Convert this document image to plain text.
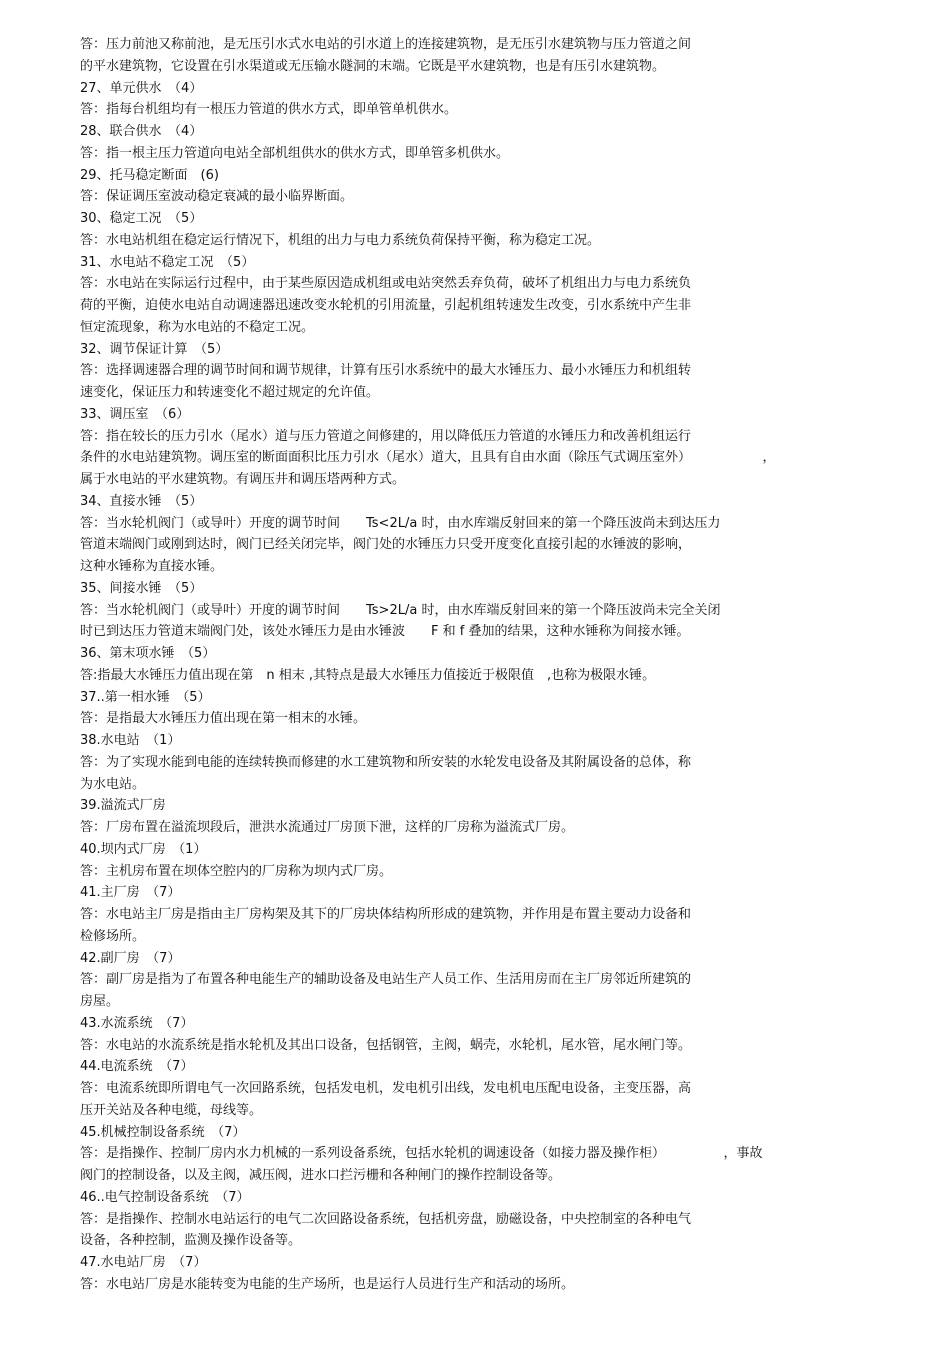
答：压力前池又称前池，是无压引水式水电站的引水道上的连接建筑物，是无压引水建筑物与压力管道之间
的平水建筑物，它设置在引水渠道或无压输水隧洞的末端。它既是平水建筑物，也是有压引水建筑物。
27、单元供水　（4）
答：指每台机组均有一根压力管道的供水方式，即单管单机供水。
28、联合供水　（4）
答：指一根主压力管道向电站全部机组供水的供水方式，即单管多机供水。
29、托马稳定断面　(6)
答：保证调压室波动稳定衰减的最小临界断面。
30、稳定工况　（5）
答：水电站机组在稳定运行情况下，机组的出力与电力系统负荷保持平衡，称为稳定工况。
31、水电站不稳定工况　（5）
答：水电站在实际运行过程中，由于某些原因造成机组或电站突然丢弃负荷，破坏了机组出力与电力系统负
荷的平衡，迫使水电站自动调速器迅速改变水轮机的引用流量，引起机组转速发生改变，引水系统中产生非
恒定流现象，称为水电站的不稳定工况。
32、调节保证计算　（5）
答：选择调速器合理的调节时间和调节规律，计算有压引水系统中的最大水锤压力、最小水锤压力和机组转
速变化，保证压力和转速变化不超过规定的允许值。
33、调压室　（6）
答：指在较长的压力引水（尾水）道与压力管道之间修建的，用以降低压力管道的水锤压力和改善机组运行
条件的水电站建筑物。调压室的断面面积比压力引水（尾水）道大，且具有自由水面（除压气式调压室外）　　　　　　，
属于水电站的平水建筑物。有调压井和调压塔两种方式。
34、直接水锤　（5）
答：当水轮机阀门（或导叶）开度的调节时间　　Ts<2L/a 时，由水库端反射回来的第一个降压波尚未到达压力
管道末端阀门或刚到达时，阀门已经关闭完毕，阀门处的水锤压力只受开度变化直接引起的水锤波的影响，
这种水锤称为直接水锤。
35、间接水锤　（5）
答：当水轮机阀门（或导叶）开度的调节时间　　Ts>2L/a 时，由水库端反射回来的第一个降压波尚未完全关闭
时已到达压力管道末端阀门处，该处水锤压力是由水锤波　　F 和 f 叠加的结果，这种水锤称为间接水锤。
36、第末项水锤　（5）
答:指最大水锤压力值出现在第　n 相末 ,其特点是最大水锤压力值接近于极限值　,也称为极限水锤。
37..第一相水锤　（5）
答：是指最大水锤压力值出现在第一相末的水锤。
38.水电站　（1）
答：为了实现水能到电能的连续转换而修建的水工建筑物和所安装的水轮发电设备及其附属设备的总体，称
为水电站。
39.溢流式厂房
答：厂房布置在溢流坝段后，泄洪水流通过厂房顶下泄，这样的厂房称为溢流式厂房。
40.坝内式厂房　（1）
答：主机房布置在坝体空腔内的厂房称为坝内式厂房。
41.主厂房　（7）
答：水电站主厂房是指由主厂房构架及其下的厂房块体结构所形成的建筑物，并作用是布置主要动力设备和
检修场所。
42.副厂房　（7）
答：副厂房是指为了布置各种电能生产的辅助设备及电站生产人员工作、生活用房而在主厂房邻近所建筑的
房屋。
43.水流系统　（7）
答：水电站的水流系统是指水轮机及其出口设备，包括钢管，主阀，蜗壳，水轮机，尾水管，尾水闸门等。
44.电流系统　（7）
答：电流系统即所谓电气一次回路系统，包括发电机，发电机引出线，发电机电压配电设备，主变压器，高
压开关站及各种电缆，母线等。
45.机械控制设备系统　（7）
答：是指操作、控制厂房内水力机械的一系列设备系统，包括水轮机的调速设备（如接力器及操作柜）　　　　　，事故
阀门的控制设备，以及主阀，减压阀，进水口拦污栅和各种闸门的操作控制设备等。
46..电气控制设备系统　（7）
答：是指操作、控制水电站运行的电气二次回路设备系统，包括机旁盘，励磁设备，中央控制室的各种电气
设备，各种控制，监测及操作设备等。
47.水电站厂房　（7）
答：水电站厂房是水能转变为电能的生产场所，也是运行人员进行生产和活动的场所。
